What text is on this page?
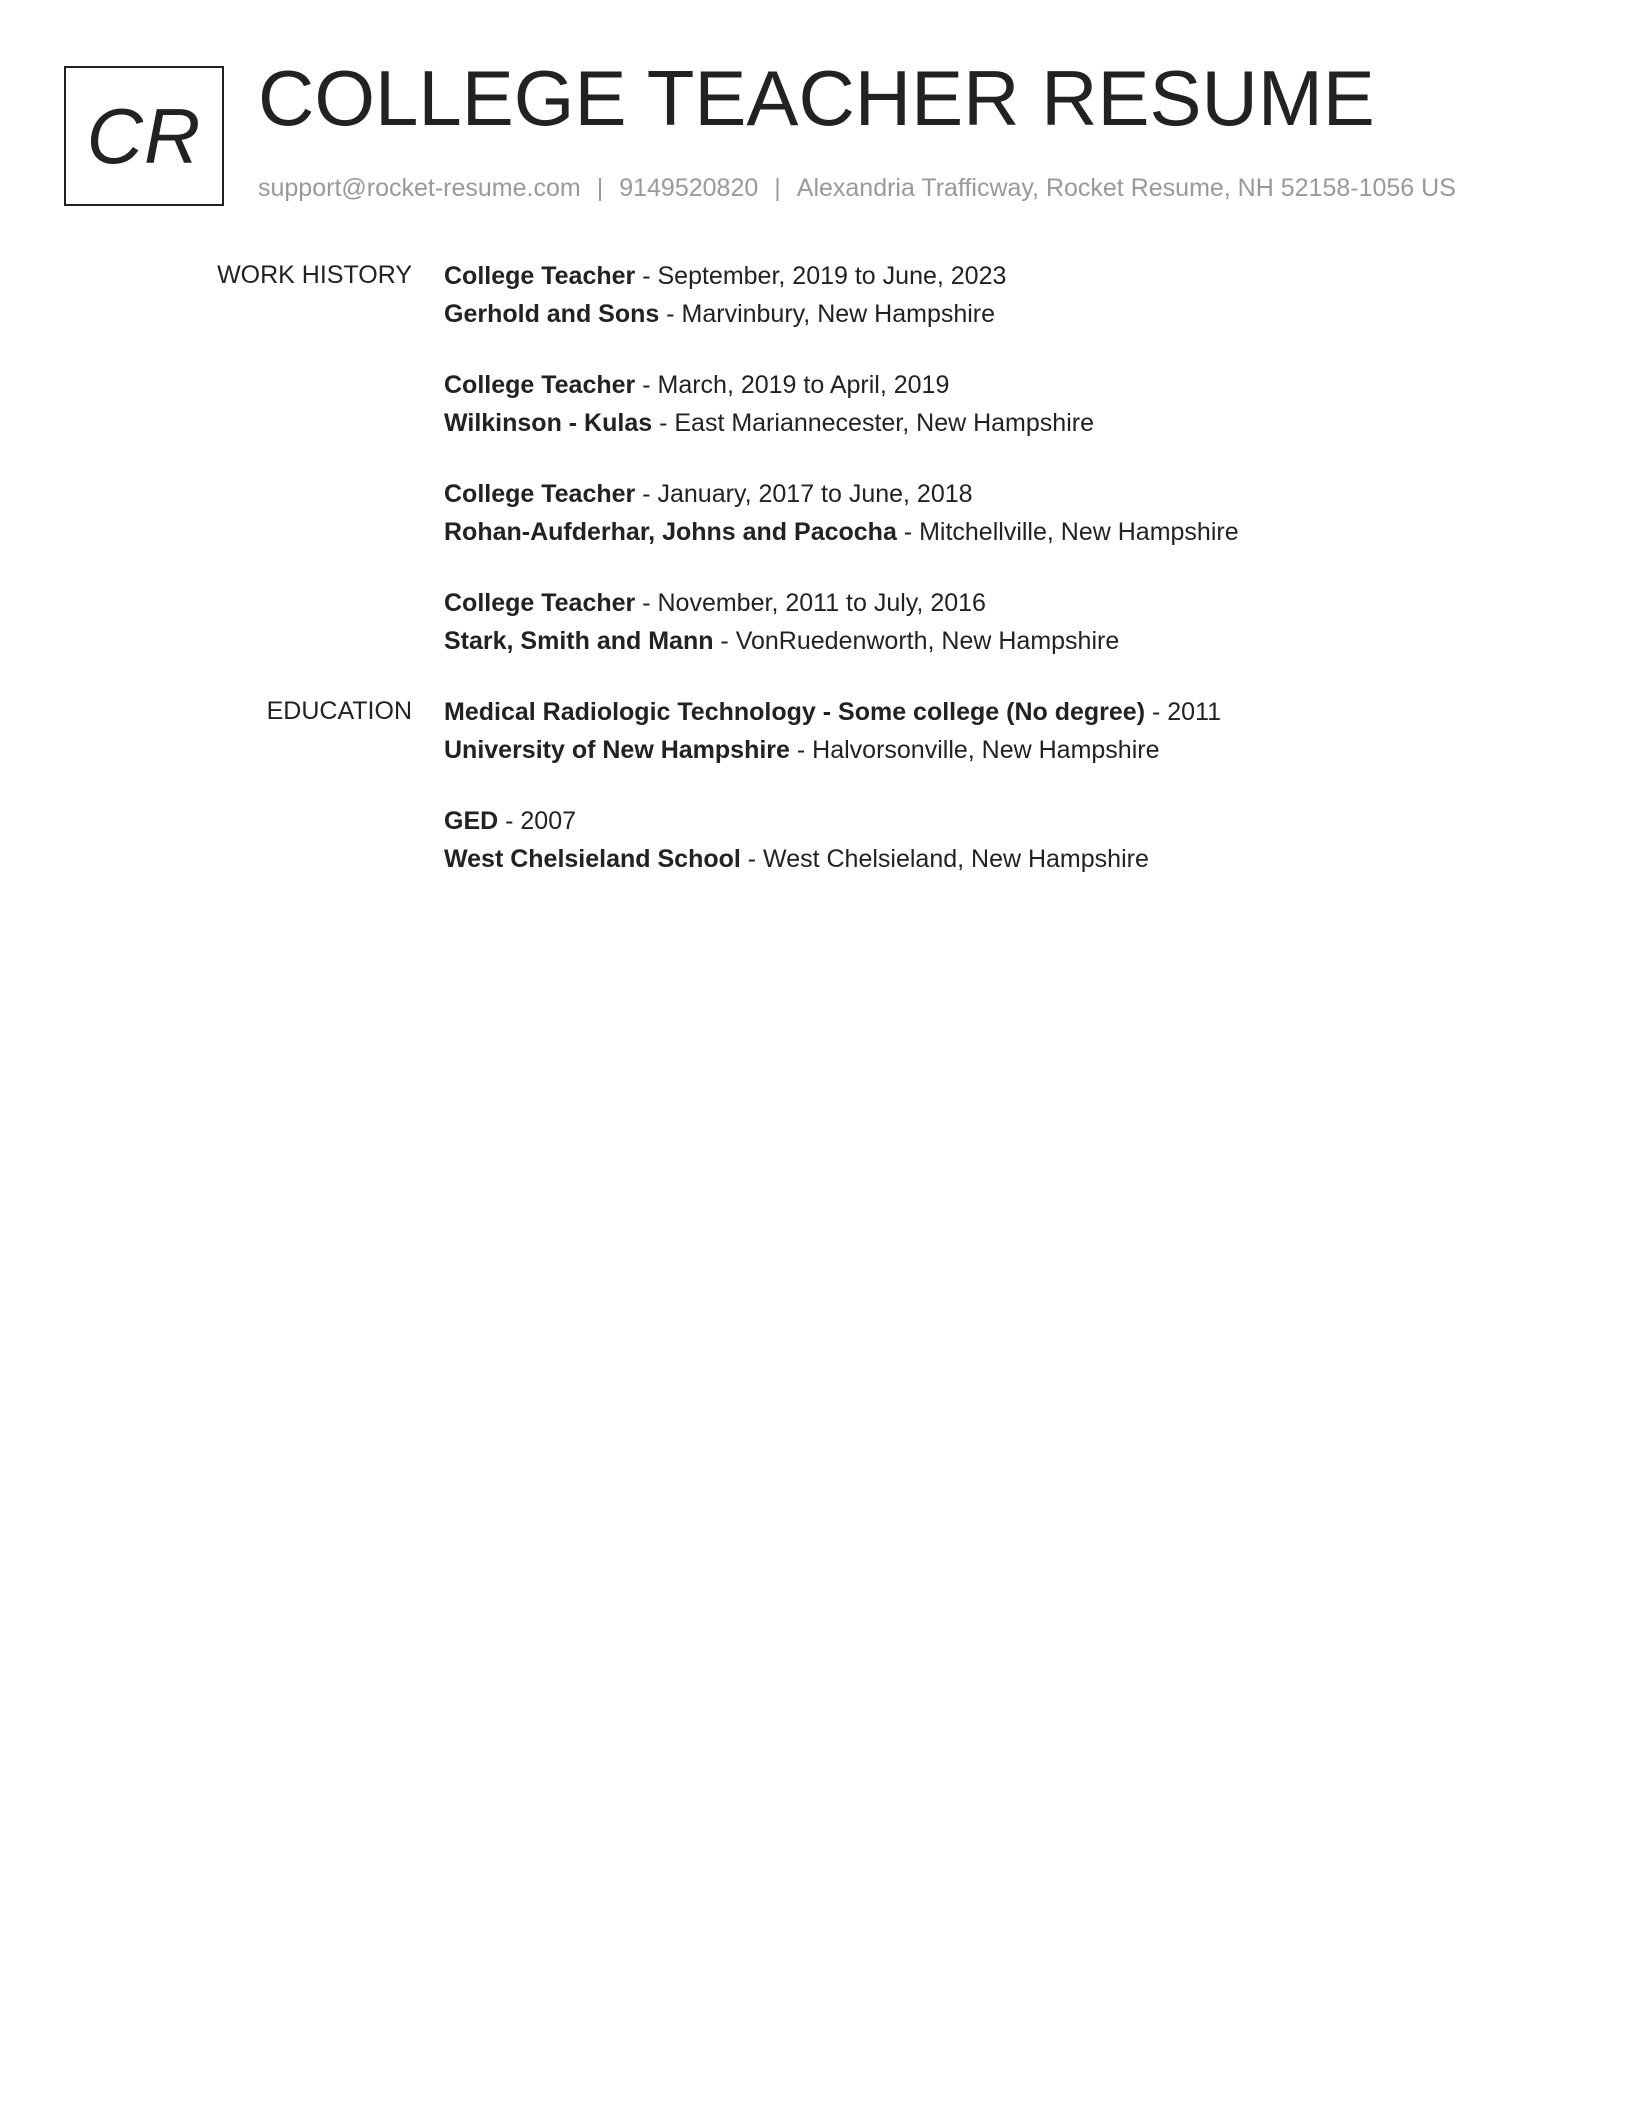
CR COLLEGE TEACHER RESUME
support@rocket-resume.com | 9149520820 | Alexandria Trafficway, Rocket Resume, NH 52158-1056 US
WORK HISTORY College Teacher - September, 2019 to June, 2023
Gerhold and Sons - Marvinbury, New Hampshire
College Teacher - March, 2019 to April, 2019
Wilkinson - Kulas - East Mariannecester, New Hampshire
College Teacher - January, 2017 to June, 2018
Rohan-Aufderhar, Johns and Pacocha - Mitchellville, New Hampshire
College Teacher - November, 2011 to July, 2016
Stark, Smith and Mann - VonRuedenworth, New Hampshire
EDUCATION Medical Radiologic Technology - Some college (No degree) - 2011
University of New Hampshire - Halvorsonville, New Hampshire
GED - 2007
West Chelsieland School - West Chelsieland, New Hampshire
